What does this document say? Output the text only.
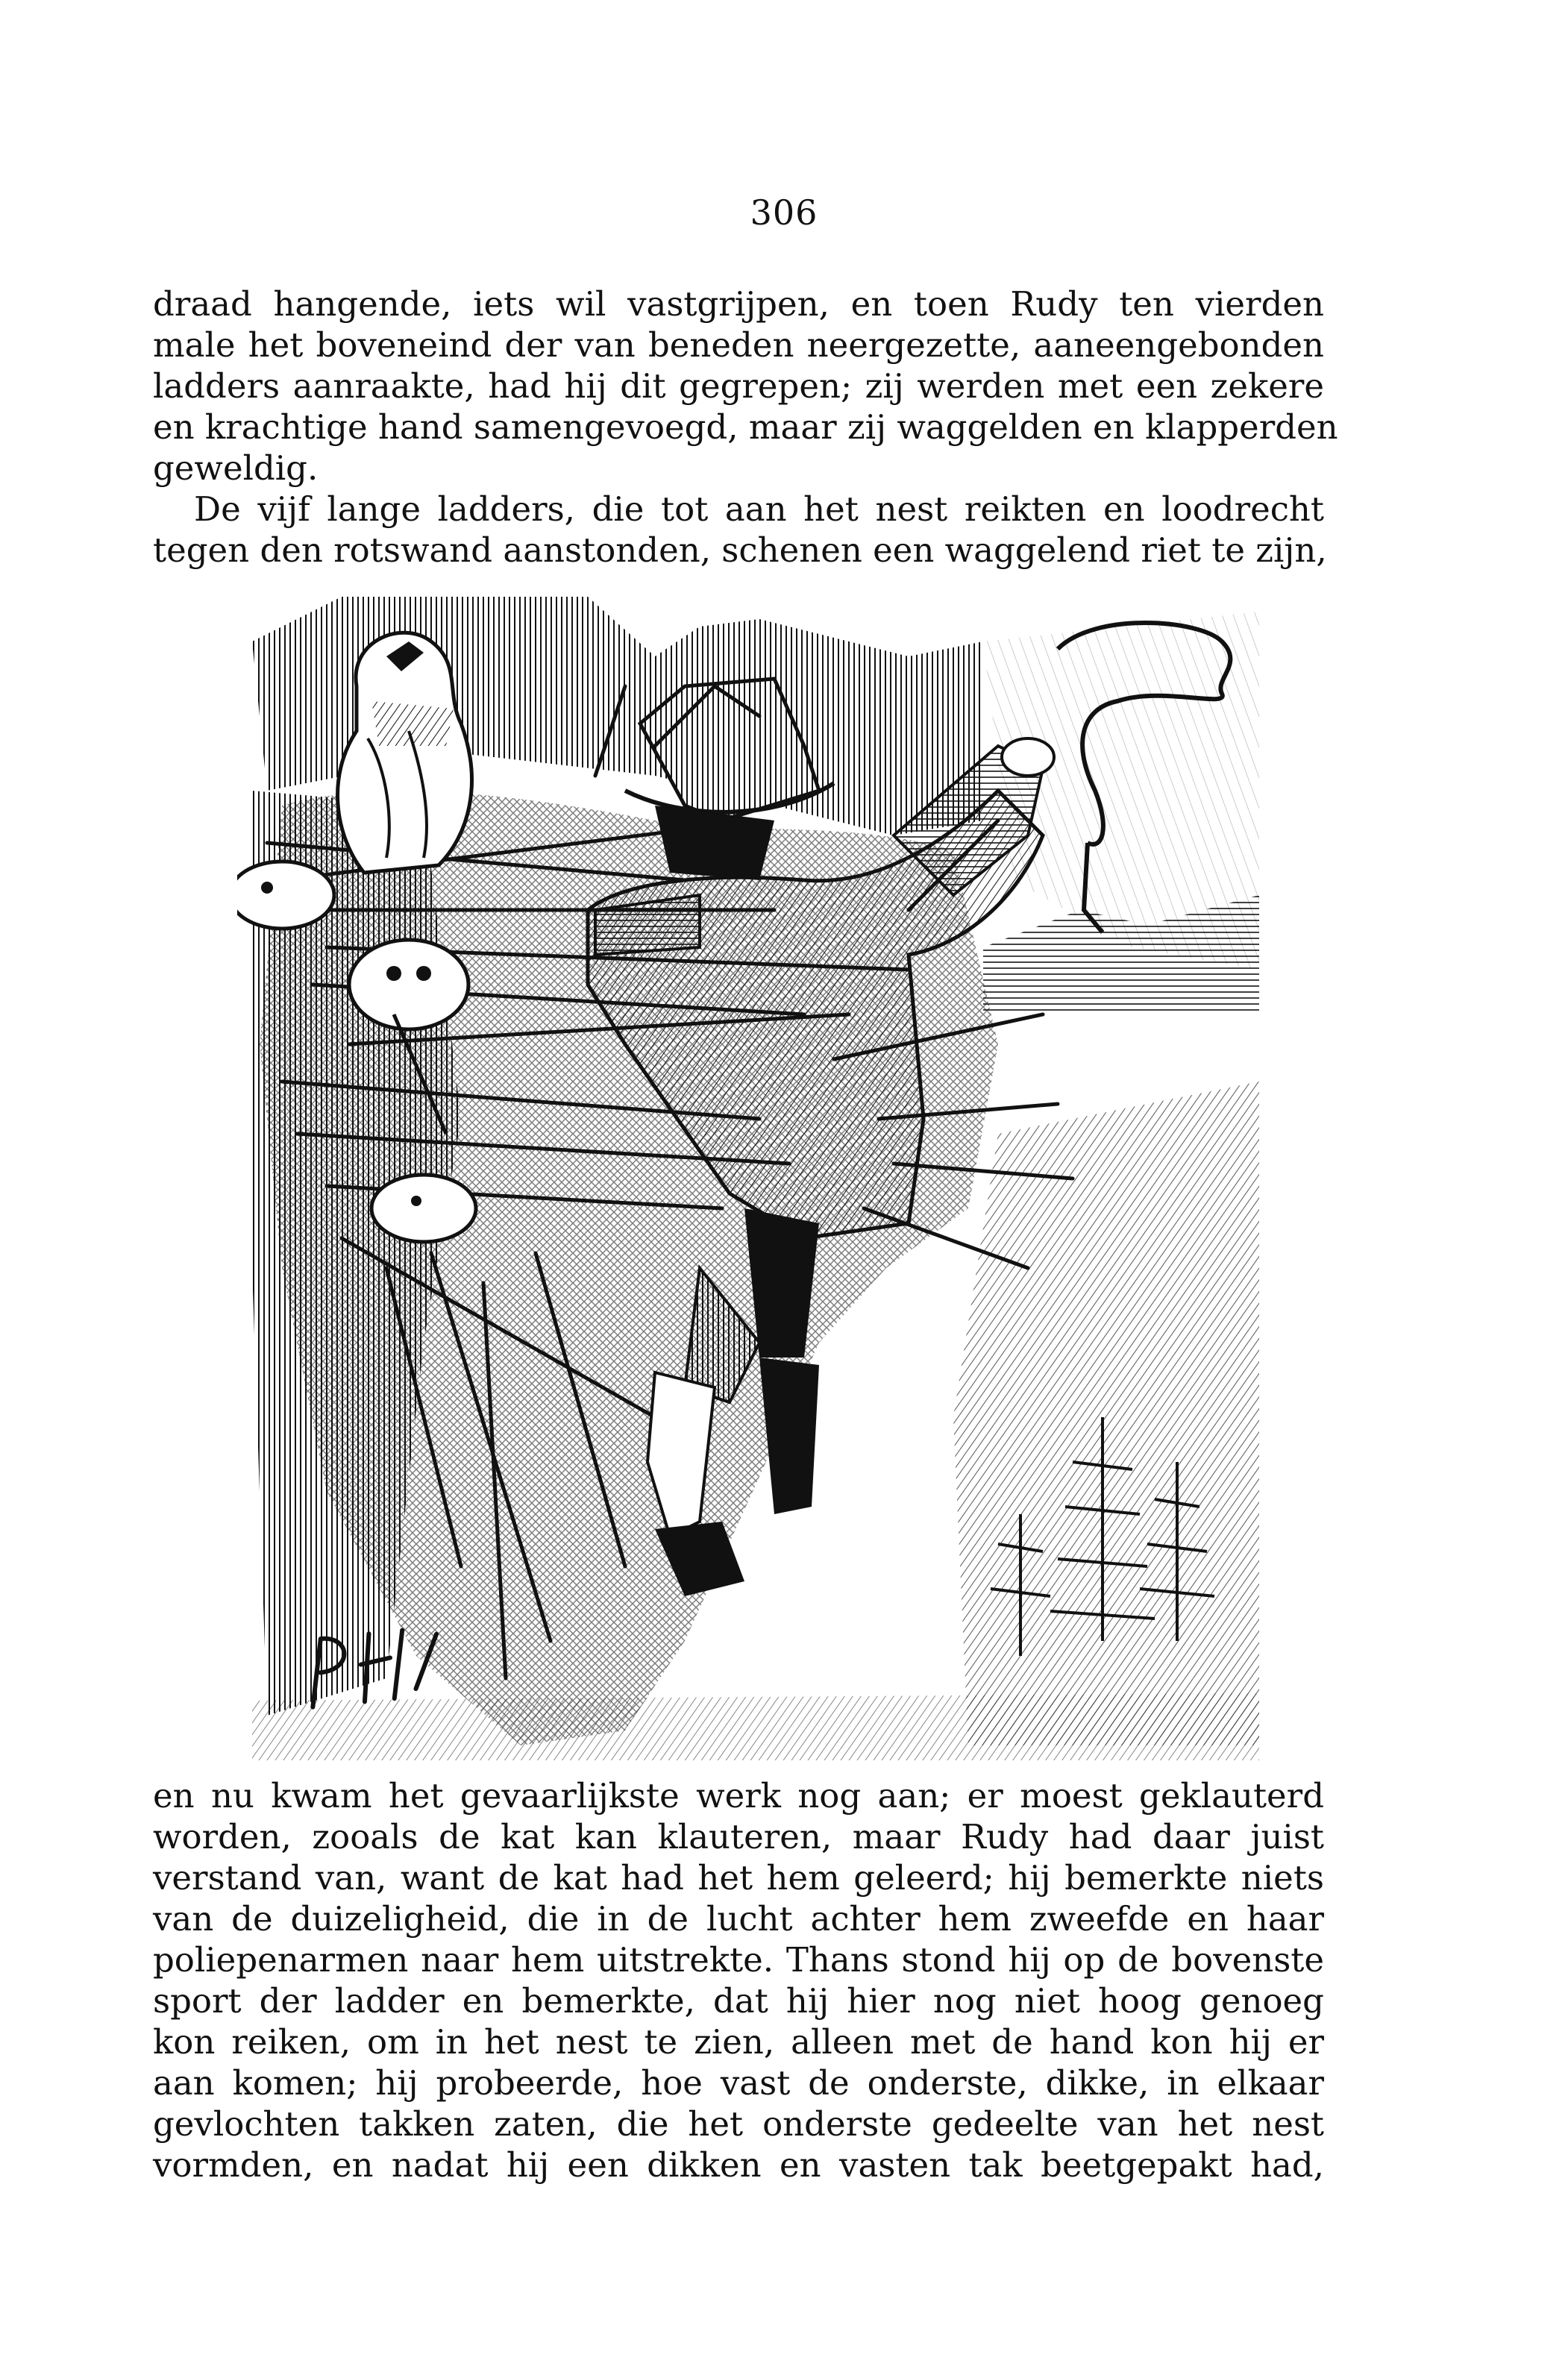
306
draad hangende, iets wil vastgrijpen, en toen Rudy ten vierden
male het boveneind der van beneden neergezette, aaneengebonden
ladders aanraakte, had hij dit gegrepen; zij werden met een zekere
en krachtige hand samengevoegd, maar zij waggelden en klapperden
geweldig.
De vijf lange ladders, die tot aan het nest reikten en loodrecht
tegen den rotswand aanstonden, schenen een waggelend riet te zijn,
en nu kwam het gevaarlijkste werk nog aan; er moest geklauterd
worden, zooals de kat kan klauteren, maar Rudy had daar juist
verstand van, want de kat had het hem geleerd; hij bemerkte niets
van de duizeligheid, die in de lucht achter hem zweefde en haar
poliepenarmen naar hem uitstrekte. Thans stond hij op de bovenste
sport der ladder en bemerkte, dat hij hier nog niet hoog genoeg
kon reiken, om in het nest te zien, alleen met de hand kon hij er
aan komen; hij probeerde, hoe vast de onderste, dikke, in elkaar
gevlochten takken zaten, die het onderste gedeelte van het nest
vormden, en nadat hij een dikken en vasten tak beetgepakt had,
